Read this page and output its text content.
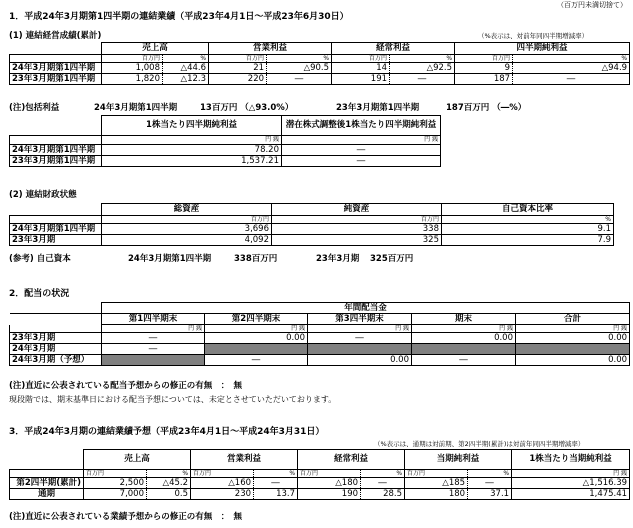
（百万円未満切捨て）
1．平成24年3月期第1四半期の連結業績（平成23年4月1日～平成23年6月30日）
(1) 連結経営成績(累計)	（%表示は、対前年同四半期増減率）
	売上高		営業利益		経常利益		四半期純利益	
	百万円	%	百万円	%	百万円	%	百万円	%
24年3月期第1四半期	1,008	△44.6	21	△90.5	14	△92.5	9	△94.9
23年3月期第1四半期	1,820	△12.3	220	―	191	―	187	―
(注)包括利益	24年3月期第1四半期	13百万円 （△93.0%）	23年3月期第1四半期	187百万円 （―%）
	1株当たり四半期純利益	潜在株式調整後1株当たり四半期純利益
	円 銭	円 銭
24年3月期第1四半期	78.20	―
23年3月期第1四半期	1,537.21	―
(2) 連結財政状態
	総資産	純資産	自己資本比率
	百万円	百万円	%
24年3月期第1四半期	3,696	338	9.1
23年3月期	4,092	325	7.9
(参考) 自己資本	24年3月期第1四半期	338百万円	23年3月期 325百万円
2．配当の状況
	年間配当金				
	第1四半期末	第2四半期末	第3四半期末	期末	合計
	円 銭	円 銭	円 銭	円 銭	円 銭
23年3月期	―	0.00	―	0.00	0.00
24年3月期	―				
24年3月期（予想）		―	0.00	―	0.00
(注)直近に公表されている配当予想からの修正の有無　：　無
現段階では、期末基準日における配当予想については、未定とさせていただいております。
3．平成24年3月期の連結業績予想（平成23年4月1日～平成24年3月31日）
（%表示は、通期は対前期、第2四半期(累計)は対前年同四半期増減率）
	売上高		営業利益		経常利益		当期純利益		1株当たり当期純利益
	百万円	%	百万円	%	百万円	%	百万円	%	円 銭
第2四半期(累計)	2,500	△45.2	△160	―	△180	―	△185	―	△1,516.39
通期	7,000	0.5	230	13.7	190	28.5	180	37.1	1,475.41
(注)直近に公表されている業績予想からの修正の有無　：　無
